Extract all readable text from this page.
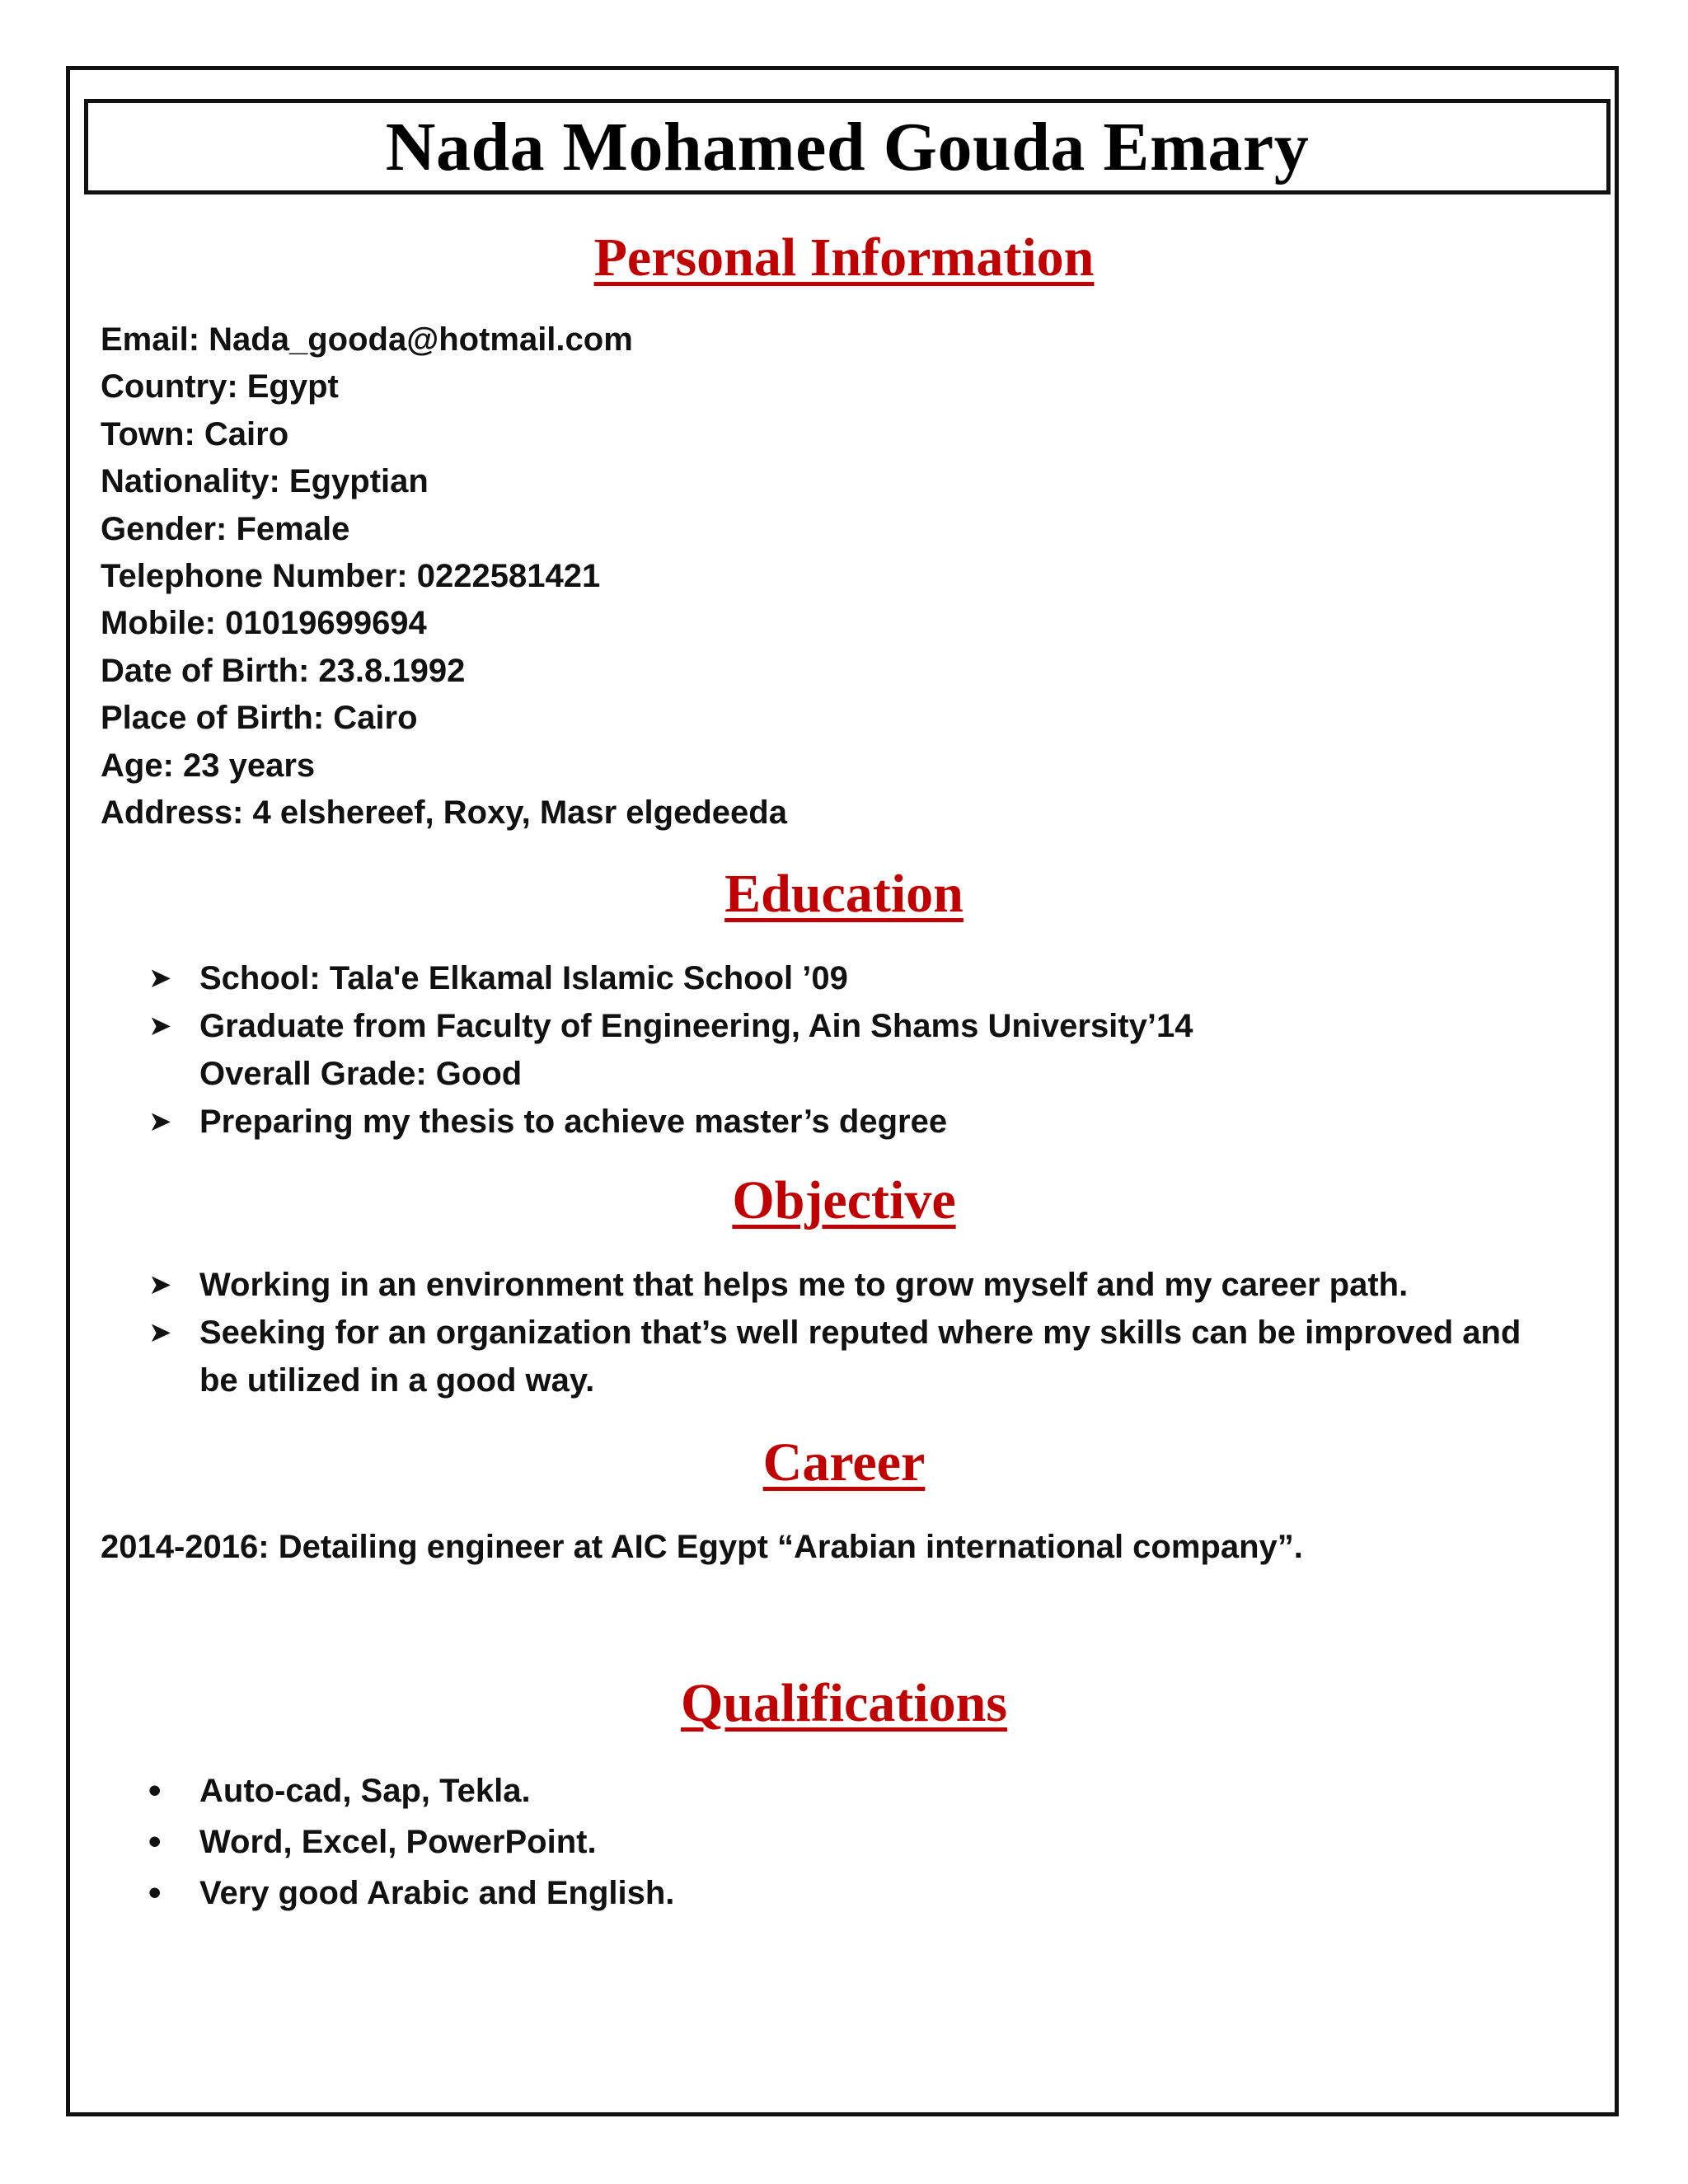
Nada Mohamed Gouda Emary
Personal Information
Email: Nada_gooda@hotmail.com
Country: Egypt
Town: Cairo
Nationality: Egyptian
Gender: Female
Telephone Number: 0222581421
Mobile: 01019699694
Date of Birth: 23.8.1992
Place of Birth: Cairo
Age: 23 years
Address: 4 elshereef, Roxy, Masr elgedeeda
Education
➤ School: Tala'e Elkamal Islamic School ’09
➤ Graduate from Faculty of Engineering, Ain Shams University’14
Overall Grade: Good
➤ Preparing my thesis to achieve master’s degree
Objective
➤ Working in an environment that helps me to grow myself and my career path.
➤ Seeking for an organization that’s well reputed where my skills can be improved and
be utilized in a good way.
Career

2014-2016: Detailing engineer at AIC Egypt “Arabian international company”.

Qualifications
•	Auto-cad, Sap, Tekla.
•	Word, Excel, PowerPoint.
•	Very good Arabic and English.
